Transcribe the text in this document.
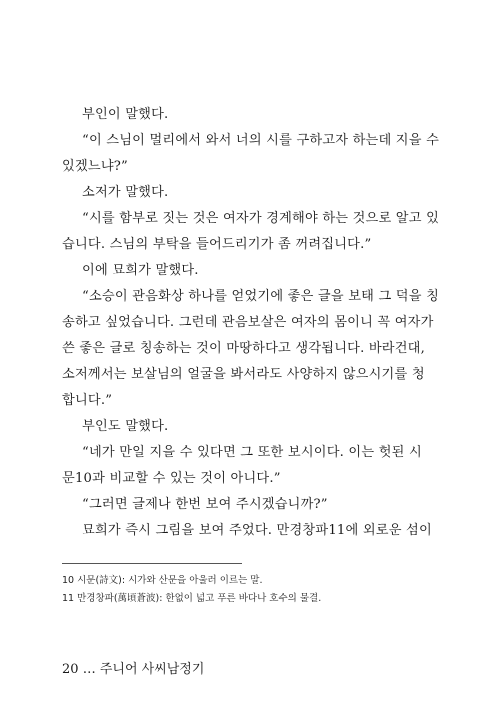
부인이 말했다.
“이 스님이 멀리에서 와서 너의 시를 구하고자 하는데 지을 수
있겠느냐?”
소저가 말했다.
“시를 함부로 짓는 것은 여자가 경계해야 하는 것으로 알고 있
습니다. 스님의 부탁을 들어드리기가 좀 꺼려집니다.”
이에 묘희가 말했다.
“소승이 관음화상 하나를 얻었기에 좋은 글을 보태 그 덕을 칭
송하고 싶었습니다. 그런데 관음보살은 여자의 몸이니 꼭 여자가
쓴 좋은 글로 칭송하는 것이 마땅하다고 생각됩니다. 바라건대,
소저께서는 보살님의 얼굴을 봐서라도 사양하지 않으시기를 청
합니다.”
부인도 말했다.
“네가 만일 지을 수 있다면 그 또한 보시이다. 이는 헛된 시
문10과 비교할 수 있는 것이 아니다.”
“그러면 글제나 한번 보여 주시겠습니까?”
묘희가 즉시 그림을 보여 주었다. 만경창파11에 외로운 섬이
10 시문(詩文): 시가와 산문을 아울러 이르는 말.
11 만경창파(萬頃蒼波): 한없이 넓고 푸른 바다나 호수의 물결.
20 … 주니어 사씨남정기
